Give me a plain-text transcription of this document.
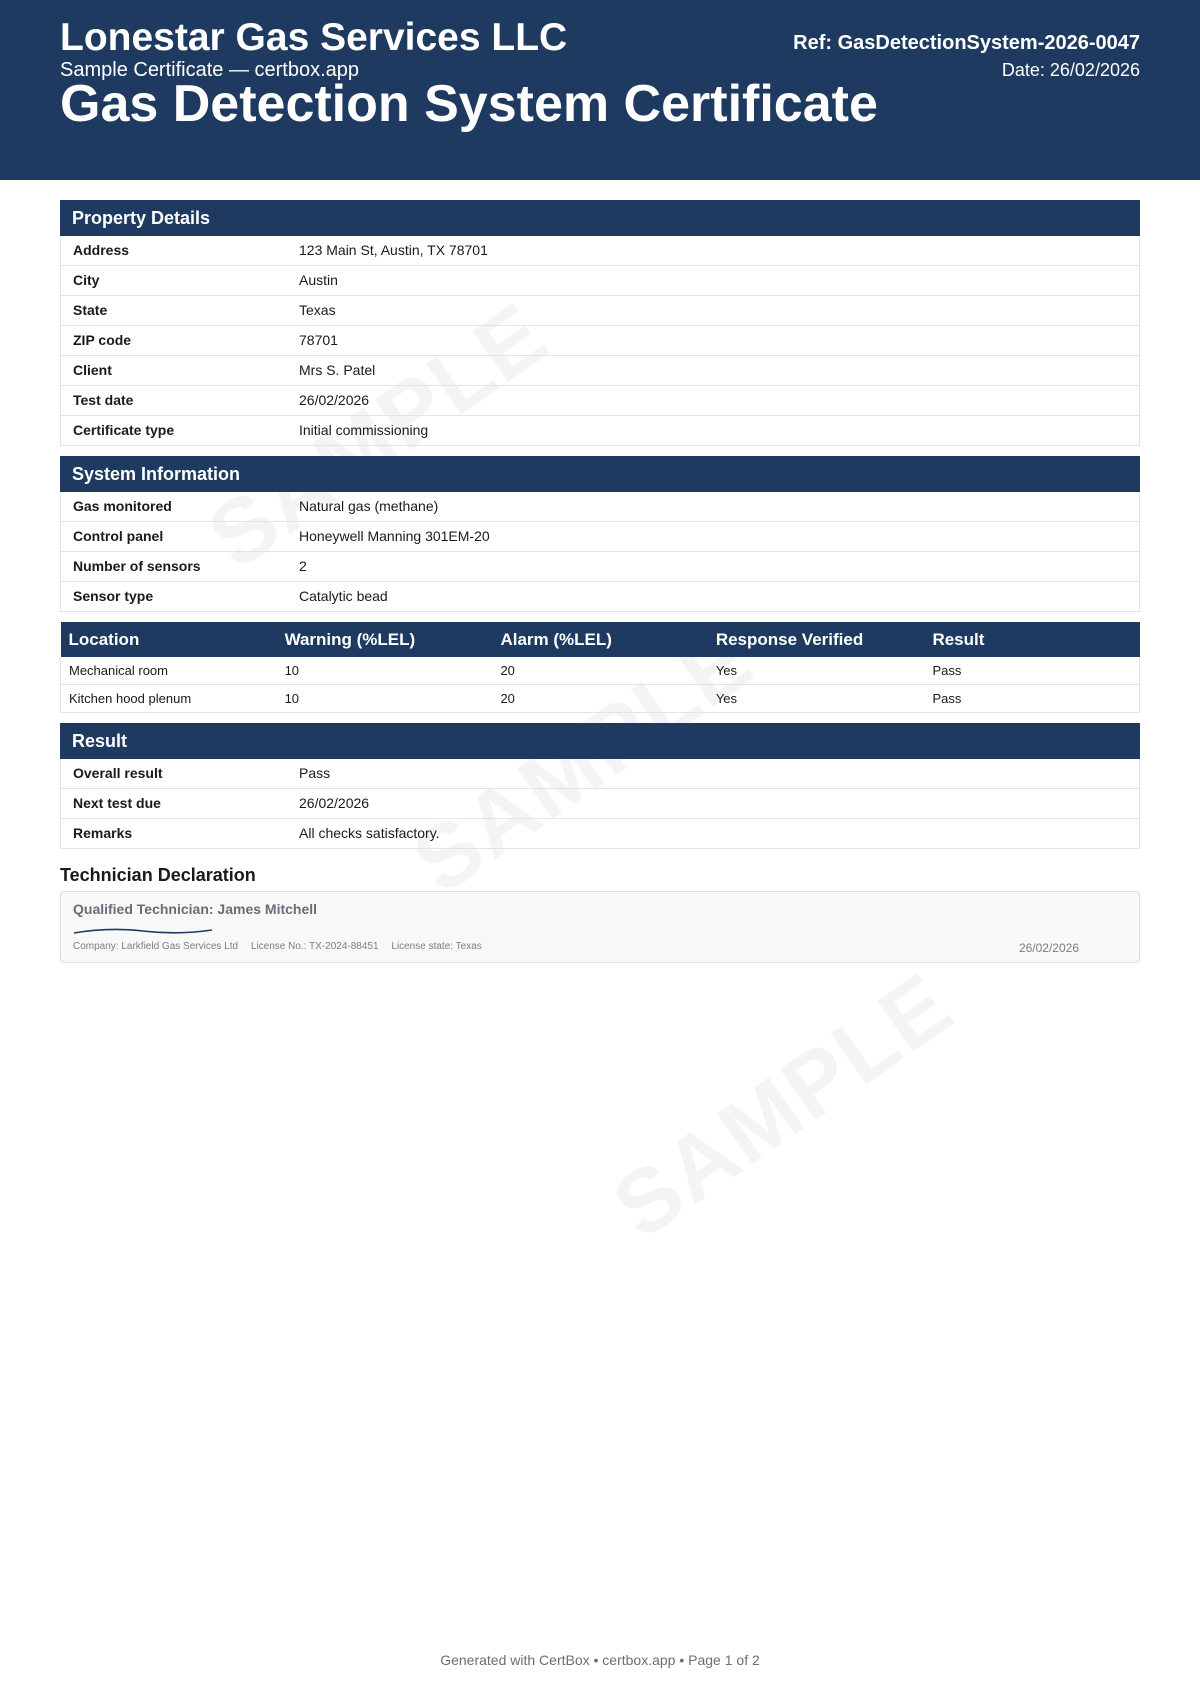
Lonestar Gas Services LLC
Sample Certificate — certbox.app
Gas Detection System Certificate
Ref: GasDetectionSystem-2026-0047
Date: 26/02/2026
Property Details
Address	123 Main St, Austin, TX 78701
City	Austin
State	Texas
ZIP code	78701
Client	Mrs S. Patel
Test date	26/02/2026
Certificate type	Initial commissioning
System Information
Gas monitored	Natural gas (methane)
Control panel	Honeywell Manning 301EM-20
Number of sensors	2
Sensor type	Catalytic bead
Location	Warning (%LEL)	Alarm (%LEL)	Response Verified	Result
Mechanical room	10	20	Yes	Pass
Kitchen hood plenum	10	20	Yes	Pass
Result
Overall result	Pass
Next test due	26/02/2026
Remarks	All checks satisfactory.
Technician Declaration
Qualified Technician: James Mitchell
Company: Larkfield Gas Services Ltd License No.: TX-2024-88451 License state: Texas	26/02/2026
Generated with CertBox • certbox.app • Page 1 of 2
